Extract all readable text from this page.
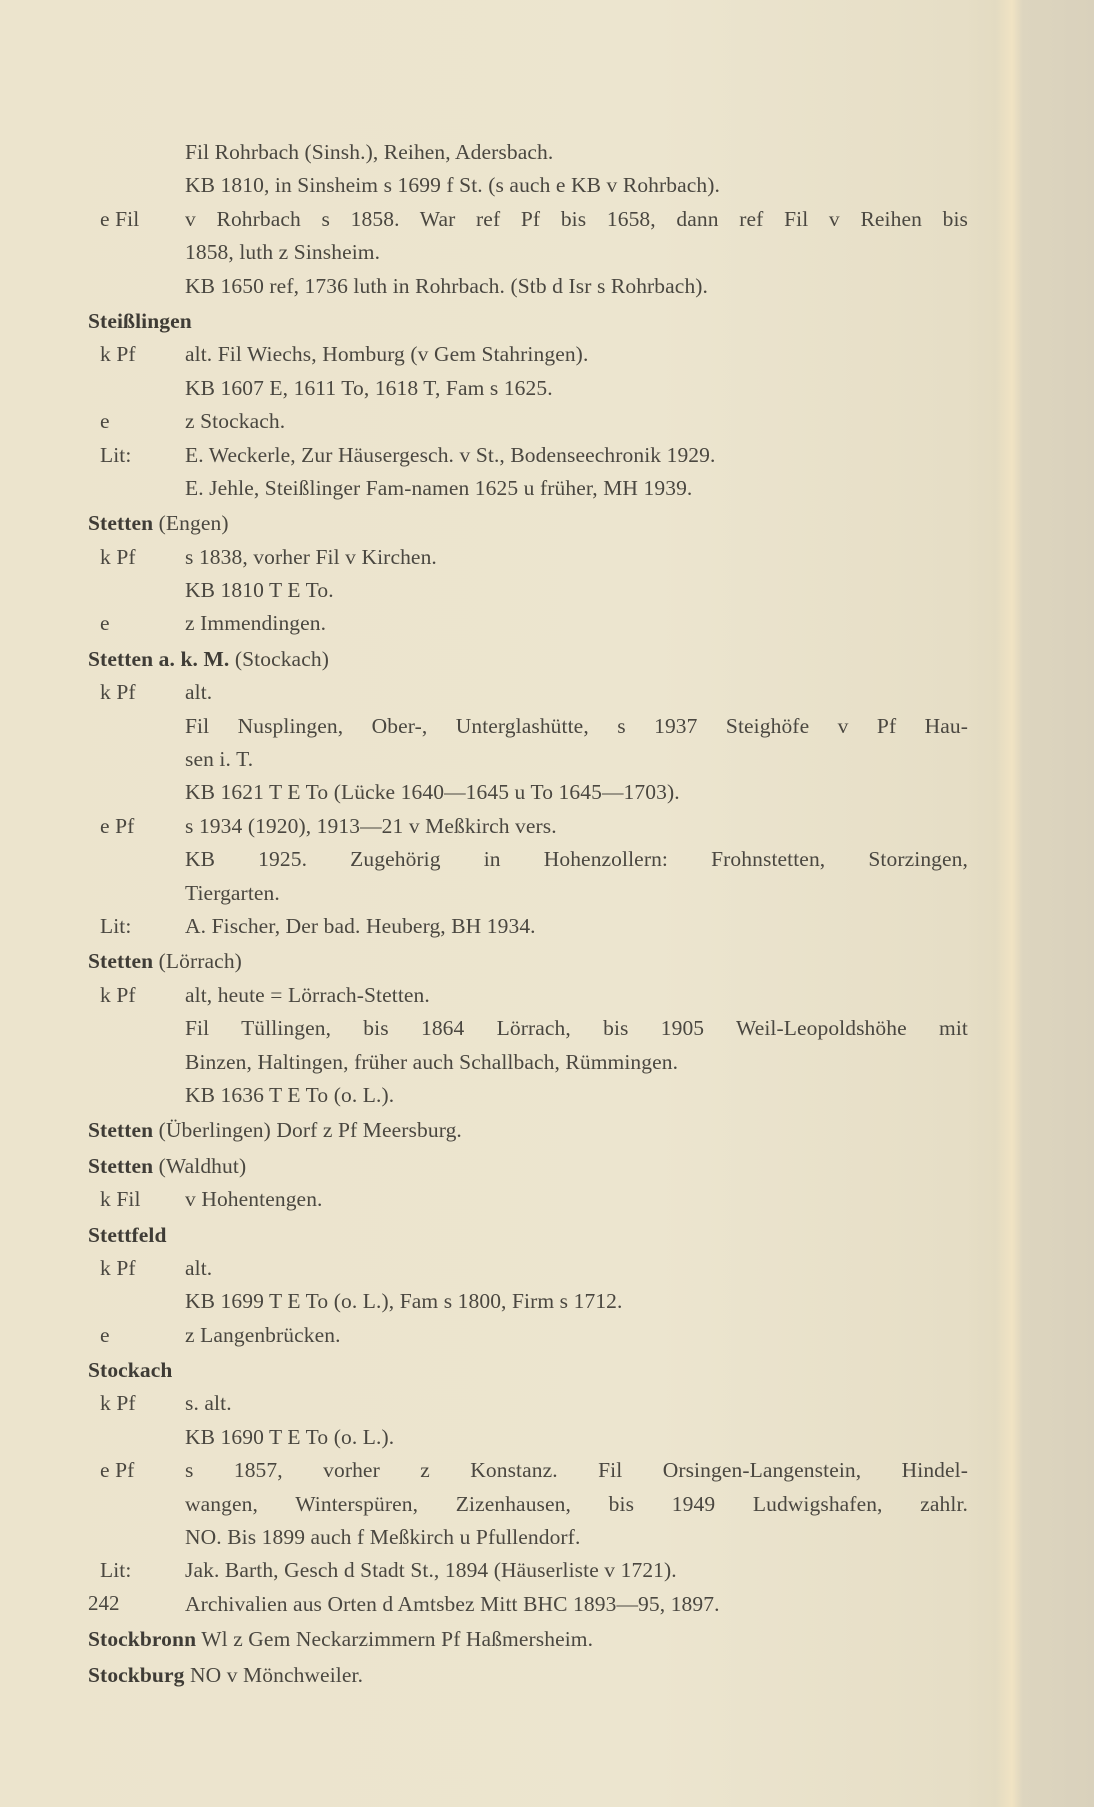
Fil Rohrbach (Sinsh.), Reihen, Adersbach.
KB 1810, in Sinsheim s 1699 f St. (s auch e KB v Rohrbach).
e Fil v Rohrbach s 1858. War ref Pf bis 1658, dann ref Fil v Reihen bis
1858, luth z Sinsheim.
KB 1650 ref, 1736 luth in Rohrbach. (Stb d Isr s Rohrbach).
Steißlingen
k Pf alt. Fil Wiechs, Homburg (v Gem Stahringen).
KB 1607 E, 1611 To, 1618 T, Fam s 1625.
e	z Stockach.
Lit: E. Weckerle, Zur Häusergesch. v St., Bodenseechronik 1929.
E. Jehle, Steißlinger Fam-namen 1625 u früher, MH 1939.
Stetten (Engen)
k Pf s 1838, vorher Fil v Kirchen.
KB 1810 T E To.
e	z Immendingen.
Stetten a. k. M. (Stockach)
k Pf alt.
Fil Nusplingen, Ober-, Unterglashütte, s 1937 Steighöfe v Pf Hau-
sen i. T.
KB 1621 T E To (Lücke 1640—1645 u To 1645—1703).
e Pf s 1934 (1920), 1913—21 v Meßkirch vers.
KB 1925. Zugehörig in Hohenzollern: Frohnstetten, Storzingen,
Tiergarten.
Lit: A. Fischer, Der bad. Heuberg, BH 1934.
Stetten (Lörrach)
k Pf alt, heute = Lörrach-Stetten.
Fil Tüllingen, bis 1864 Lörrach, bis 1905 Weil-Leopoldshöhe mit
Binzen, Haltingen, früher auch Schallbach, Rümmingen.
KB 1636 T E To (o. L.).
Stetten (Überlingen) Dorf z Pf Meersburg.
Stetten (Waldhut)
k Fil v Hohentengen.
Stettfeld
k Pf alt.
KB 1699 T E To (o. L.), Fam s 1800, Firm s 1712.
e	z Langenbrücken.
Stockach
k Pf s. alt.
KB 1690 T E To (o. L.).
e Pf s 1857, vorher z Konstanz. Fil Orsingen-Langenstein, Hindel-
wangen, Winterspüren, Zizenhausen, bis 1949 Ludwigshafen, zahlr.
NO. Bis 1899 auch f Meßkirch u Pfullendorf.
Lit: Jak. Barth, Gesch d Stadt St., 1894 (Häuserliste v 1721).
Archivalien aus Orten d Amtsbez Mitt BHC 1893—95, 1897.
Stockbronn Wl z Gem Neckarzimmern Pf Haßmersheim.
Stockburg NO v Mönchweiler.
242
